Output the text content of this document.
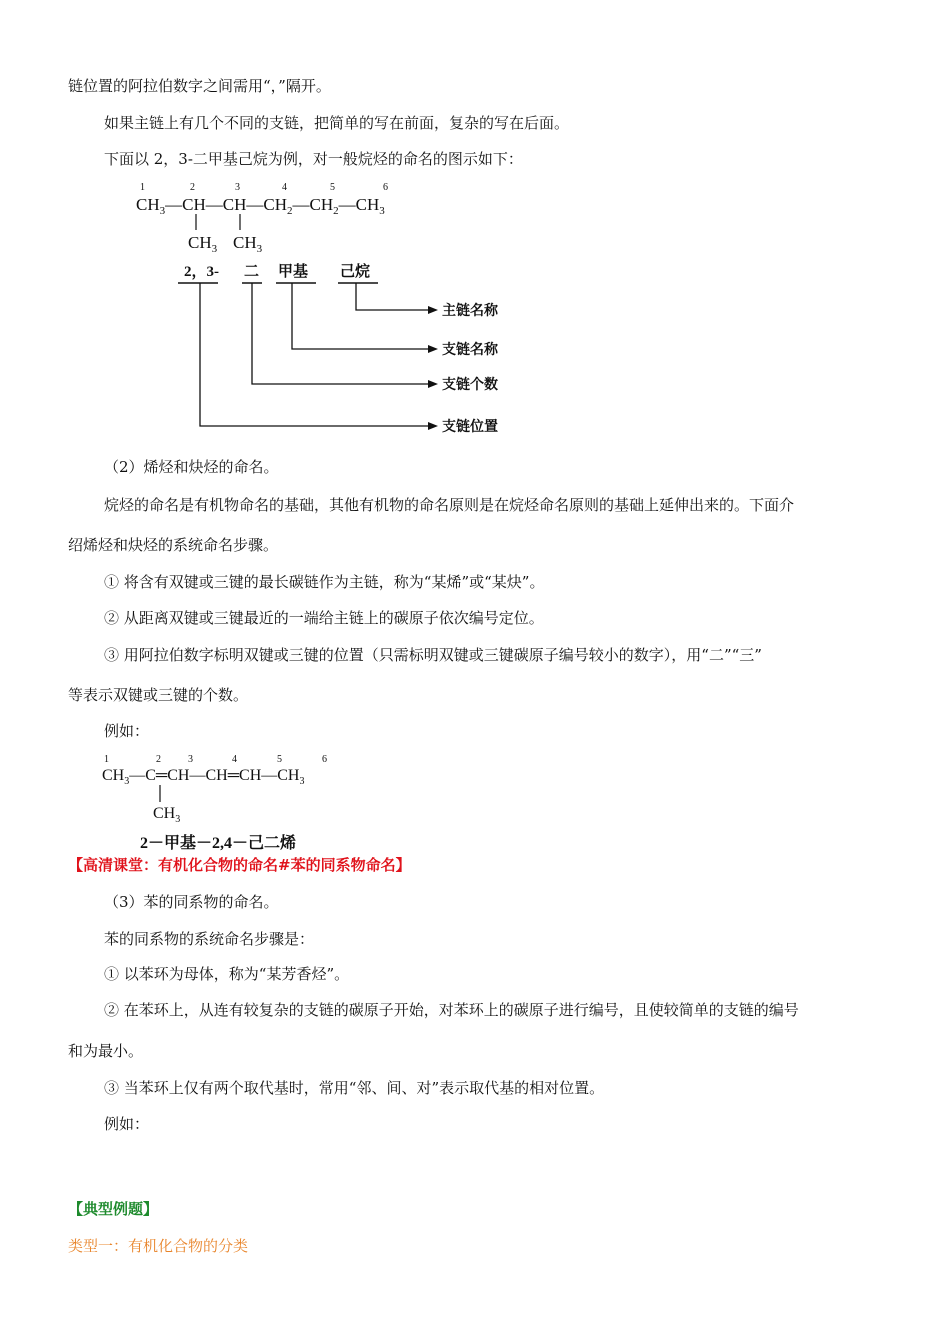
链位置的阿拉伯数字之间需用“，”隔开。
如果主链上有几个不同的支链，把简单的写在前面，复杂的写在后面。
下面以 2，3-二甲基己烷为例，对一般烷烃的命名的图示如下：
1	2	3	4	5	6
$CH_3—CH—CH—CH_2—CH_2—CH_3$
$CH_3$ $CH_3$
2，3- 二 甲基 己烷
主链名称
支链名称
支链个数
支链位置
（2）烯烃和炔烃的命名。
烷烃的命名是有机物命名的基础，其他有机物的命名原则是在烷烃命名原则的基础上延伸出来的。下面介
绍烯烃和炔烃的系统命名步骤。
① 将含有双键或三键的最长碳链作为主链，称为“某烯”或“某炔”。
② 从距离双键或三键最近的一端给主链上的碳原子依次编号定位。
③ 用阿拉伯数字标明双键或三键的位置（只需标明双键或三键碳原子编号较小的数字），用“二”“三”
等表示双键或三键的个数。
例如：
1	2	3	4	5	6
$CH_3—C═CH—CH═CH—CH_3$
$CH_3$
2－甲基－2,4－己二烯
【高清课堂：有机化合物的命名#苯的同系物命名】
（3）苯的同系物的命名。
苯的同系物的系统命名步骤是：
① 以苯环为母体，称为“某芳香烃”。
② 在苯环上，从连有较复杂的支链的碳原子开始，对苯环上的碳原子进行编号，且使较简单的支链的编号
和为最小。
③ 当苯环上仅有两个取代基时，常用“邻、间、对”表示取代基的相对位置。
例如：
【典型例题】
类型一：有机化合物的分类
